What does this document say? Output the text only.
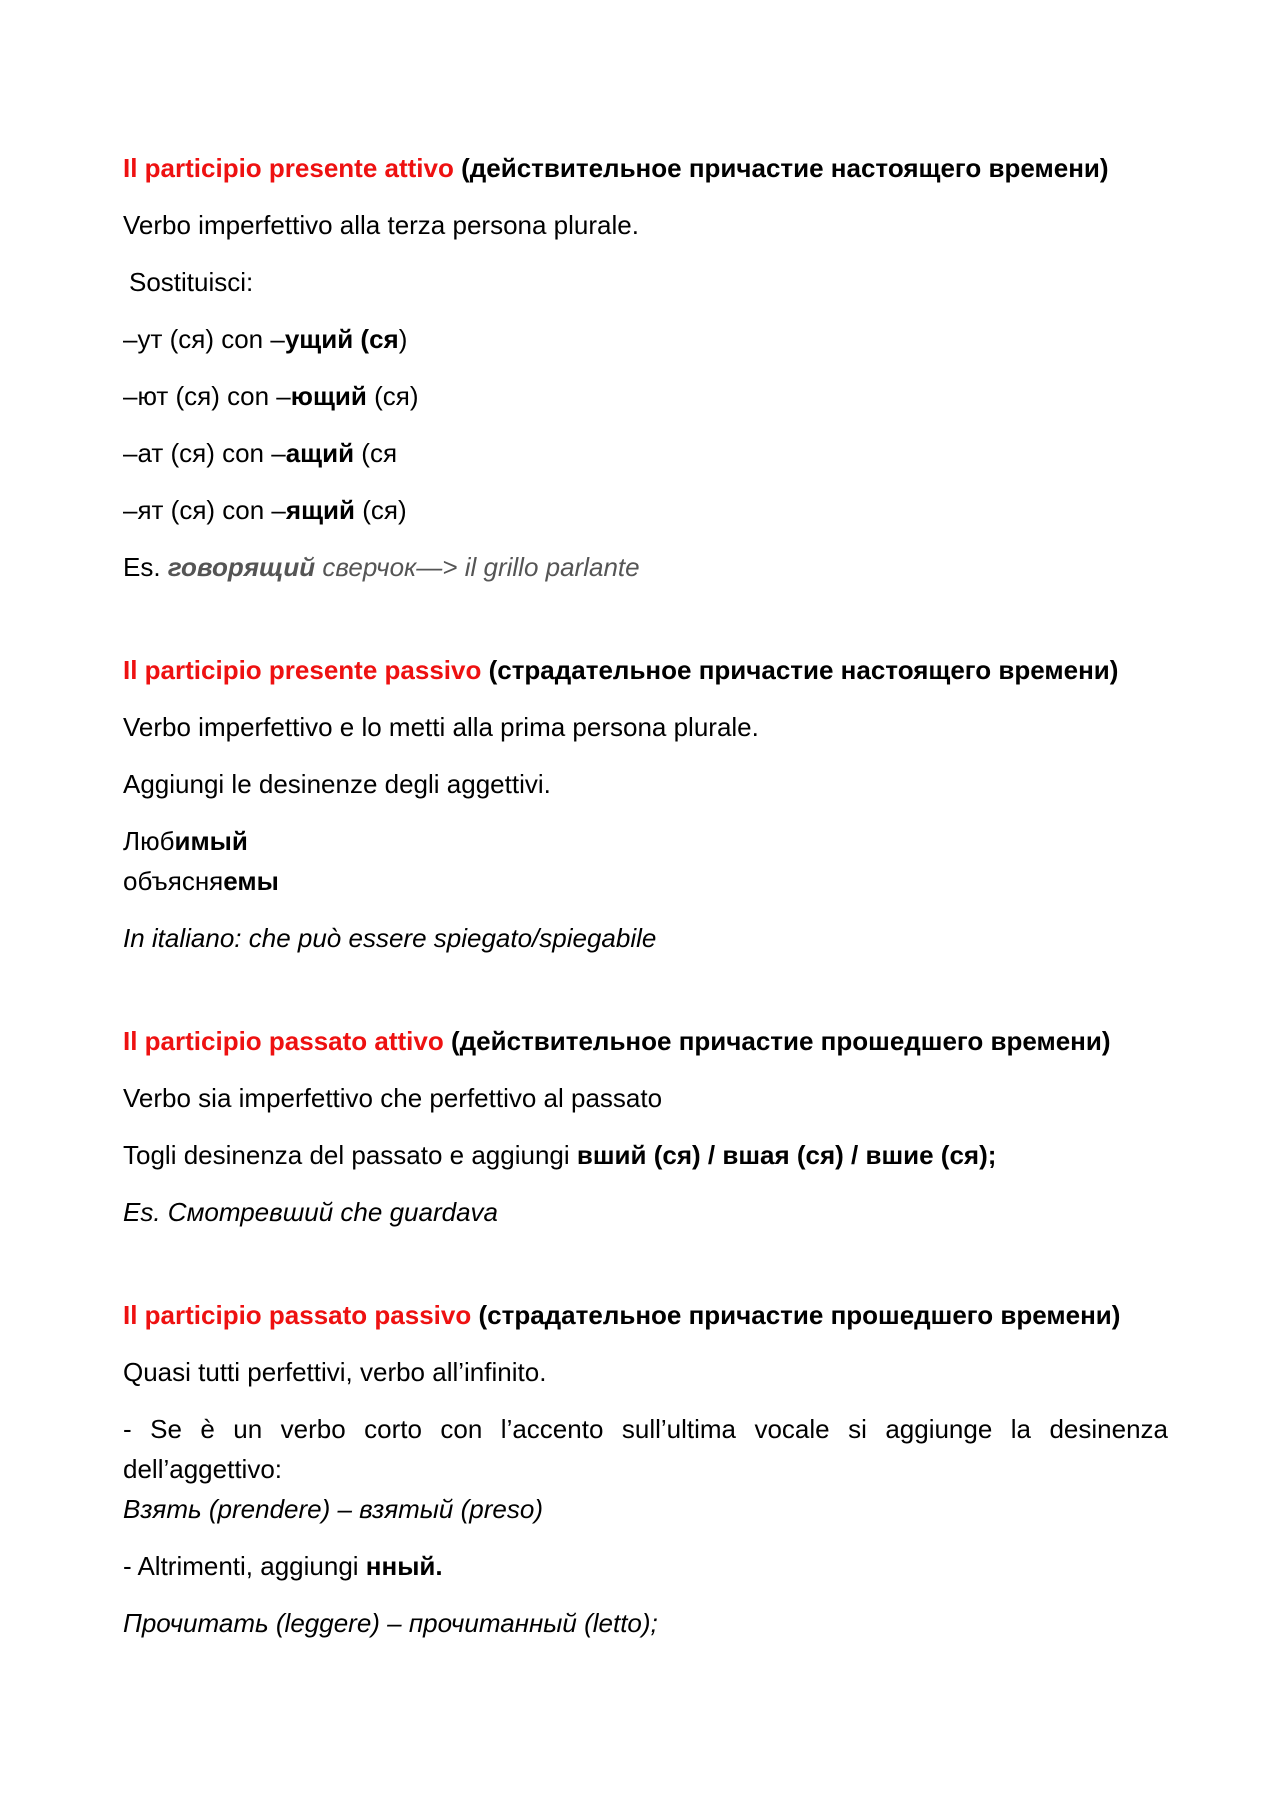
Il participio presente attivo (действительное причастие настоящего времени)
Verbo imperfettivo alla terza persona plurale.
Sostituisci:
–ут (ся) con –ущий (ся)
–ют (ся) con –ющий (ся)
–ат (ся) con –ащий (ся
–ят (ся) con –ящий (ся)
Es. говорящий сверчок—> il grillo parlante
Il participio presente passivo (страдательное причастие настоящего времени)
Verbo imperfettivo e lo metti alla prima persona plurale.
Aggiungi le desinenze degli aggettivi.
Любимый
объясняемы
In italiano: che può essere spiegato/spiegabile
Il participio passato attivo (действительное причастие прошедшего времени)
Verbo sia imperfettivo che perfettivo al passato
Togli desinenza del passato e aggiungi вший (ся) / вшая (ся) / вшие (ся);
Es. Смотревший che guardava
Il participio passato passivo (страдательное причастие прошедшего времени)
Quasi tutti perfettivi, verbo all’infinito.
- Se è un verbo corto con l’accento sull’ultima vocale si aggiunge la desinenza
dell’aggettivo:
Взять (prendere) – взятый (preso)
- Altrimenti, aggiungi нный.
Прочитать (leggere) – прочитанный (letto);
